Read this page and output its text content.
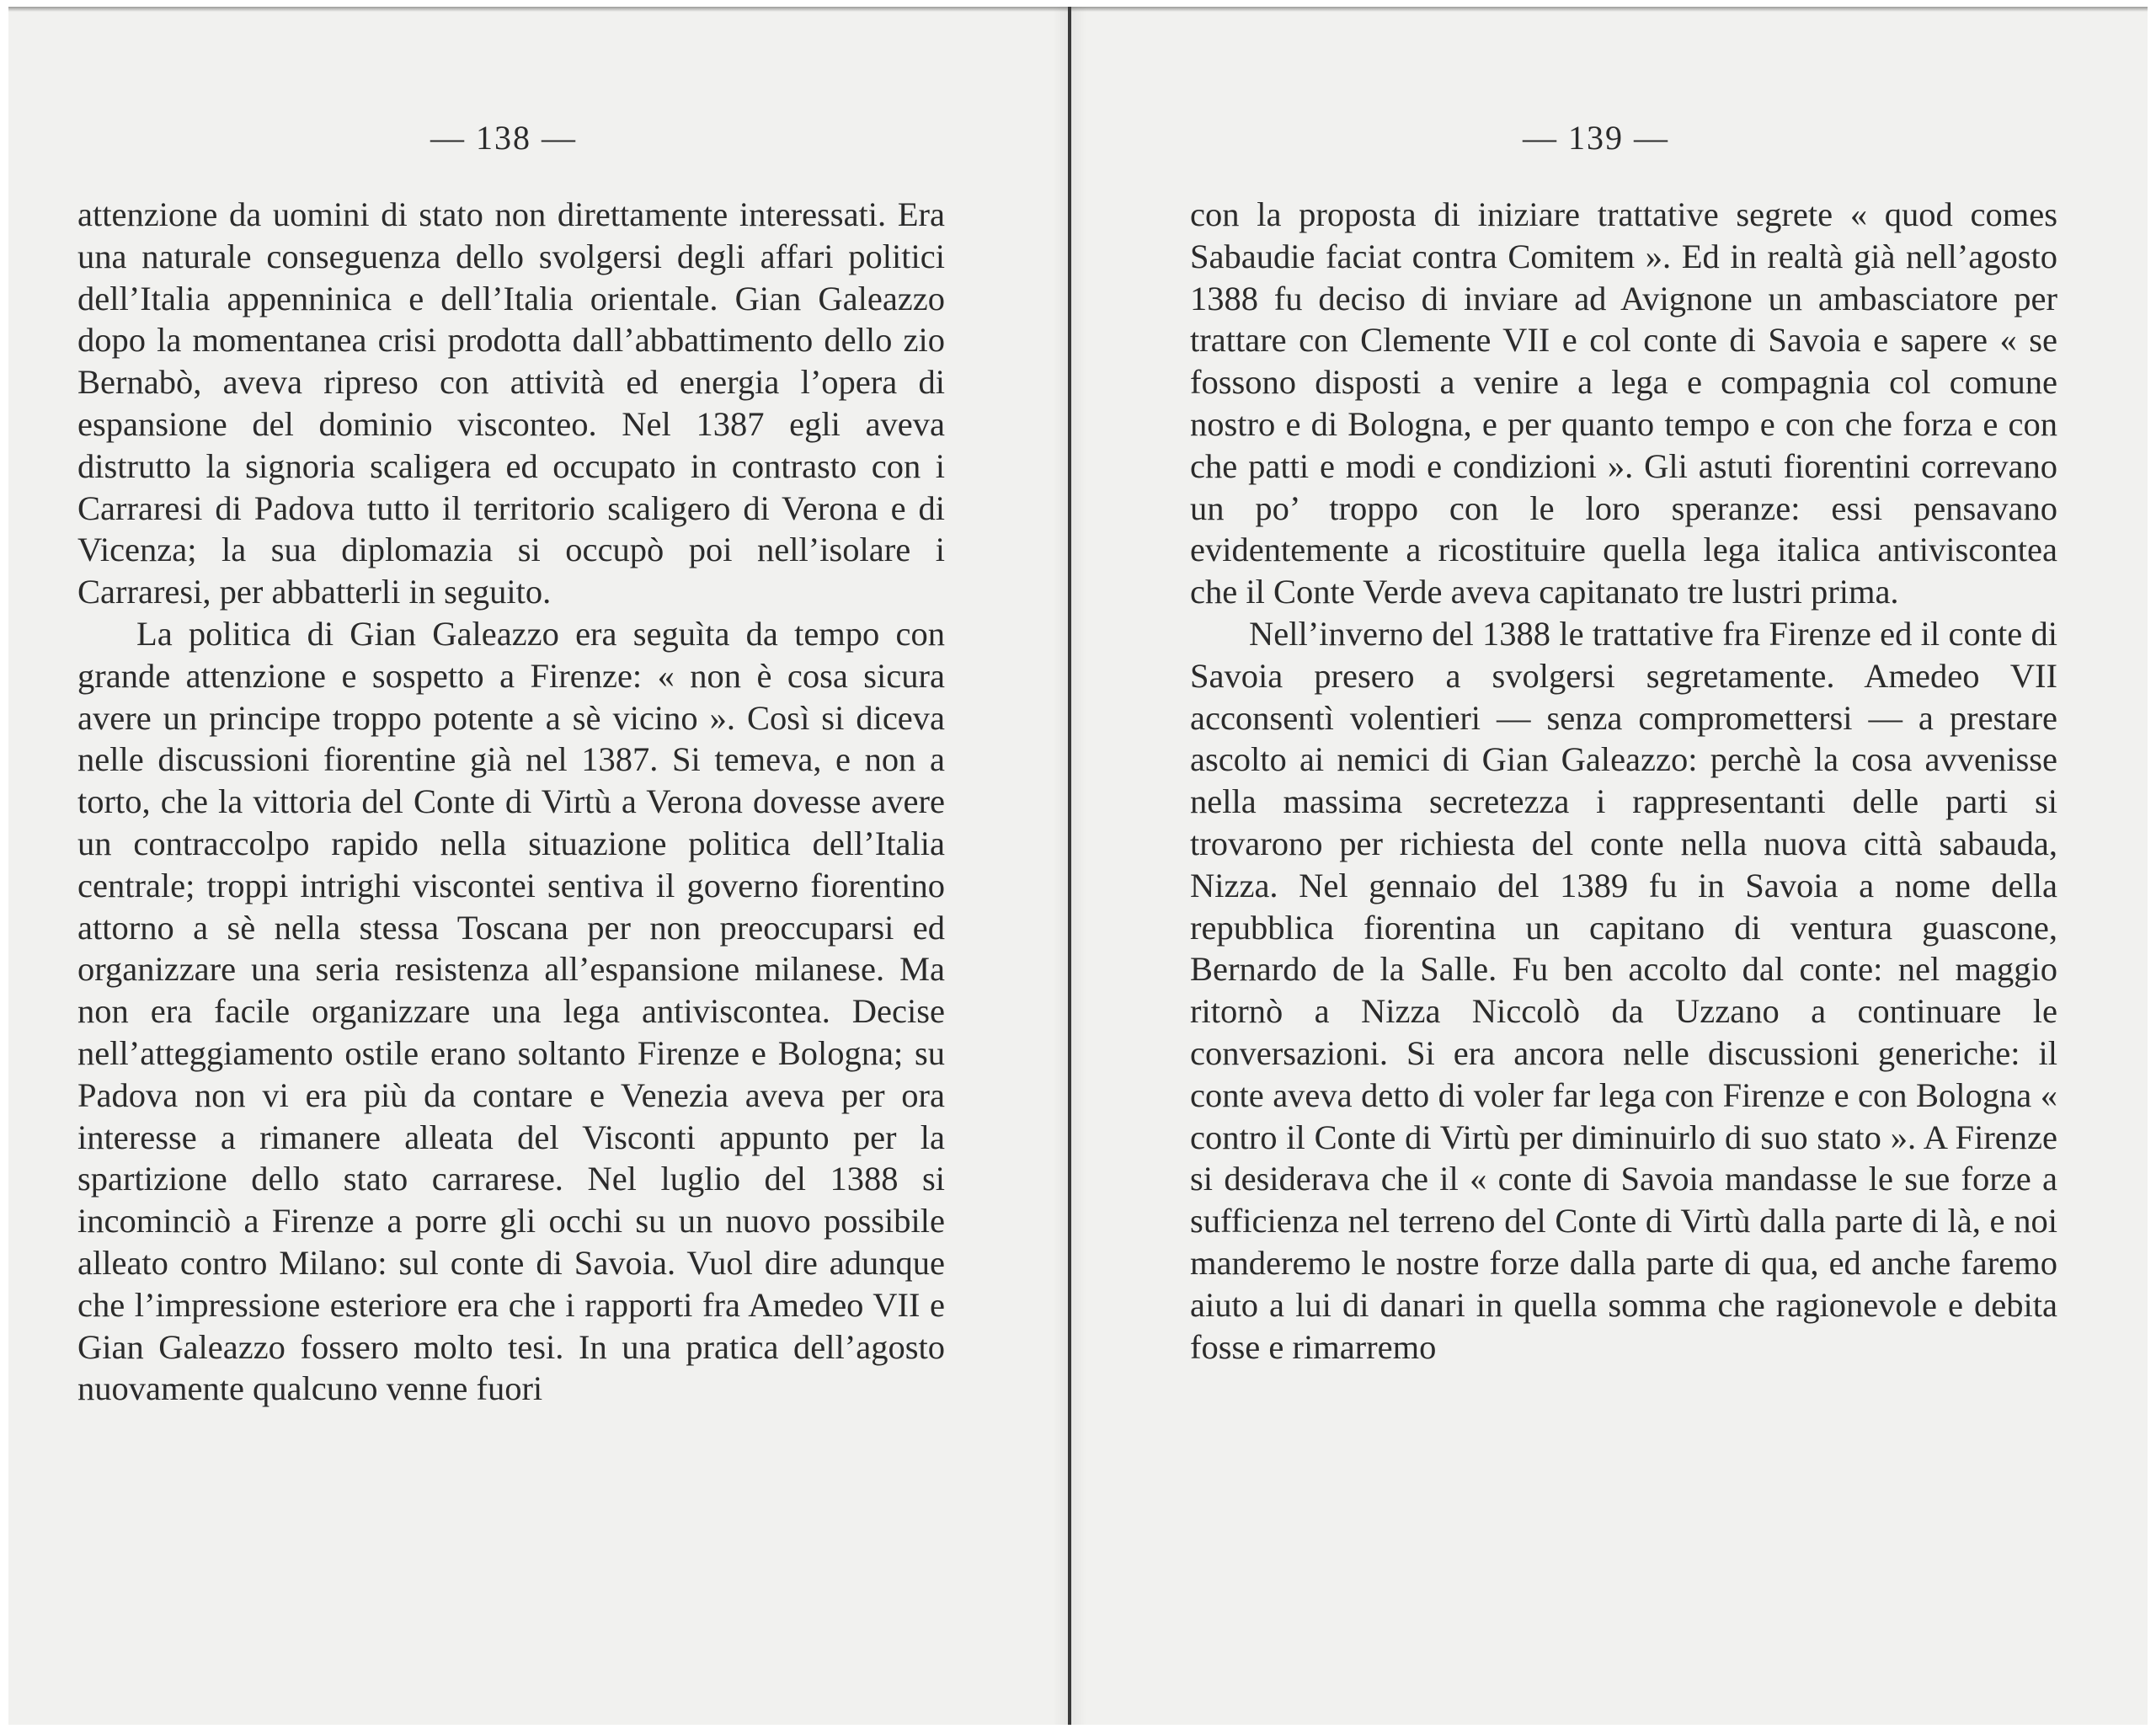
— 138 —

attenzione da uomini di stato non direttamente interessati. Era una naturale conseguenza dello svolgersi degli affari politici dell’Italia appenninica e dell’Italia orientale. Gian Galeazzo dopo la momentanea crisi prodotta dall’abbattimento dello zio Bernabò, aveva ripreso con attività ed energia l’opera di espansione del dominio visconteo. Nel 1387 egli aveva distrutto la signoria scaligera ed occupato in contrasto con i Carraresi di Padova tutto il territorio scaligero di Verona e di Vicenza; la sua diplomazia si occupò poi nell’isolare i Carraresi, per abbatterli in seguito.

La politica di Gian Galeazzo era seguìta da tempo con grande attenzione e sospetto a Firenze: « non è cosa sicura avere un principe troppo potente a sè vicino ». Così si diceva nelle discussioni fiorentine già nel 1387. Si temeva, e non a torto, che la vittoria del Conte di Virtù a Verona dovesse avere un contraccolpo rapido nella situazione politica dell’Italia centrale; troppi intrighi viscontei sentiva il governo fiorentino attorno a sè nella stessa Toscana per non preoccuparsi ed organizzare una seria resistenza all’espansione milanese. Ma non era facile organizzare una lega antiviscontea. Decise nell’atteggiamento ostile erano soltanto Firenze e Bologna; su Padova non vi era più da contare e Venezia aveva per ora interesse a rimanere alleata del Visconti appunto per la spartizione dello stato carrarese. Nel luglio del 1388 si incominciò a Firenze a porre gli occhi su un nuovo possibile alleato contro Milano: sul conte di Savoia. Vuol dire adunque che l’impressione esteriore era che i rapporti fra Amedeo VII e Gian Galeazzo fossero molto tesi. In una pratica dell’agosto nuovamente qualcuno venne fuori

— 139 —

con la proposta di iniziare trattative segrete « quod comes Sabaudie faciat contra Comitem ». Ed in realtà già nell’agosto 1388 fu deciso di inviare ad Avignone un ambasciatore per trattare con Clemente VII e col conte di Savoia e sapere « se fossono disposti a venire a lega e compagnia col comune nostro e di Bologna, e per quanto tempo e con che forza e con che patti e modi e condizioni ». Gli astuti fiorentini correvano un po’ troppo con le loro speranze: essi pensavano evidentemente a ricostituire quella lega italica antiviscontea che il Conte Verde aveva capitanato tre lustri prima.

Nell’inverno del 1388 le trattative fra Firenze ed il conte di Savoia presero a svolgersi segretamente. Amedeo VII acconsentì volentieri — senza compromettersi — a prestare ascolto ai nemici di Gian Galeazzo: perchè la cosa avvenisse nella massima secretezza i rappresentanti delle parti si trovarono per richiesta del conte nella nuova città sabauda, Nizza. Nel gennaio del 1389 fu in Savoia a nome della repubblica fiorentina un capitano di ventura guascone, Bernardo de la Salle. Fu ben accolto dal conte: nel maggio ritornò a Nizza Niccolò da Uzzano a continuare le conversazioni. Si era ancora nelle discussioni generiche: il conte aveva detto di voler far lega con Firenze e con Bologna « contro il Conte di Virtù per diminuirlo di suo stato ». A Firenze si desiderava che il « conte di Savoia mandasse le sue forze a sufficienza nel terreno del Conte di Virtù dalla parte di là, e noi manderemo le nostre forze dalla parte di qua, ed anche faremo aiuto a lui di danari in quella somma che ragionevole e debita fosse e rimarremo
